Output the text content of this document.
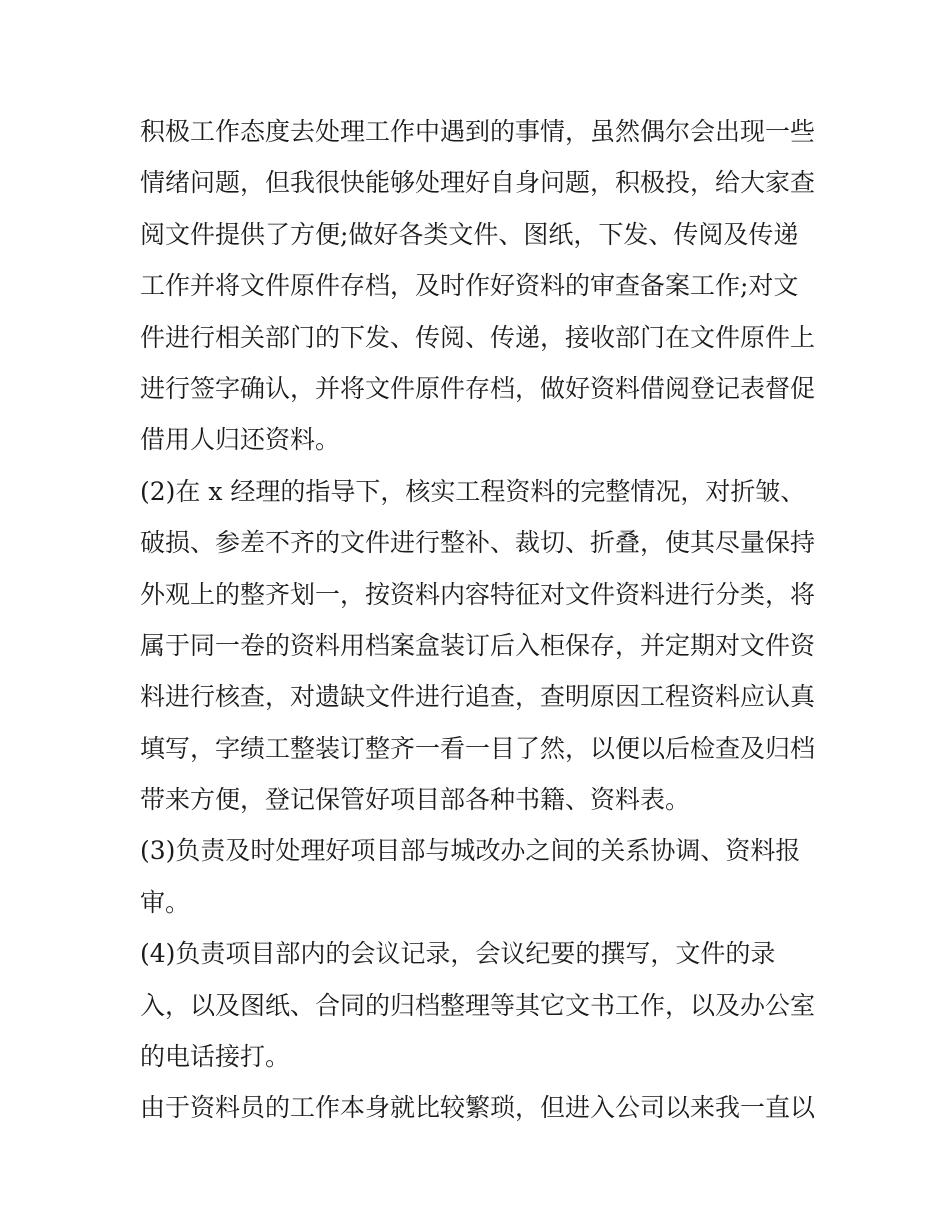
积极工作态度去处理工作中遇到的事情，虽然偶尔会出现一些
情绪问题，但我很快能够处理好自身问题，积极投，给大家查
阅文件提供了方便;做好各类文件、图纸，下发、传阅及传递
工作并将文件原件存档，及时作好资料的审查备案工作;对文
件进行相关部门的下发、传阅、传递，接收部门在文件原件上
进行签字确认，并将文件原件存档，做好资料借阅登记表督促
借用人归还资料。
(2)在 x 经理的指导下，核实工程资料的完整情况，对折皱、
破损、参差不齐的文件进行整补、裁切、折叠，使其尽量保持
外观上的整齐划一，按资料内容特征对文件资料进行分类，将
属于同一卷的资料用档案盒装订后入柜保存，并定期对文件资
料进行核查，对遗缺文件进行追查，查明原因工程资料应认真
填写，字绩工整装订整齐一看一目了然，以便以后检查及归档
带来方便，登记保管好项目部各种书籍、资料表。
(3)负责及时处理好项目部与城改办之间的关系协调、资料报
审。
(4)负责项目部内的会议记录，会议纪要的撰写，文件的录
入，以及图纸、合同的归档整理等其它文书工作，以及办公室
的电话接打。
由于资料员的工作本身就比较繁琐，但进入公司以来我一直以
